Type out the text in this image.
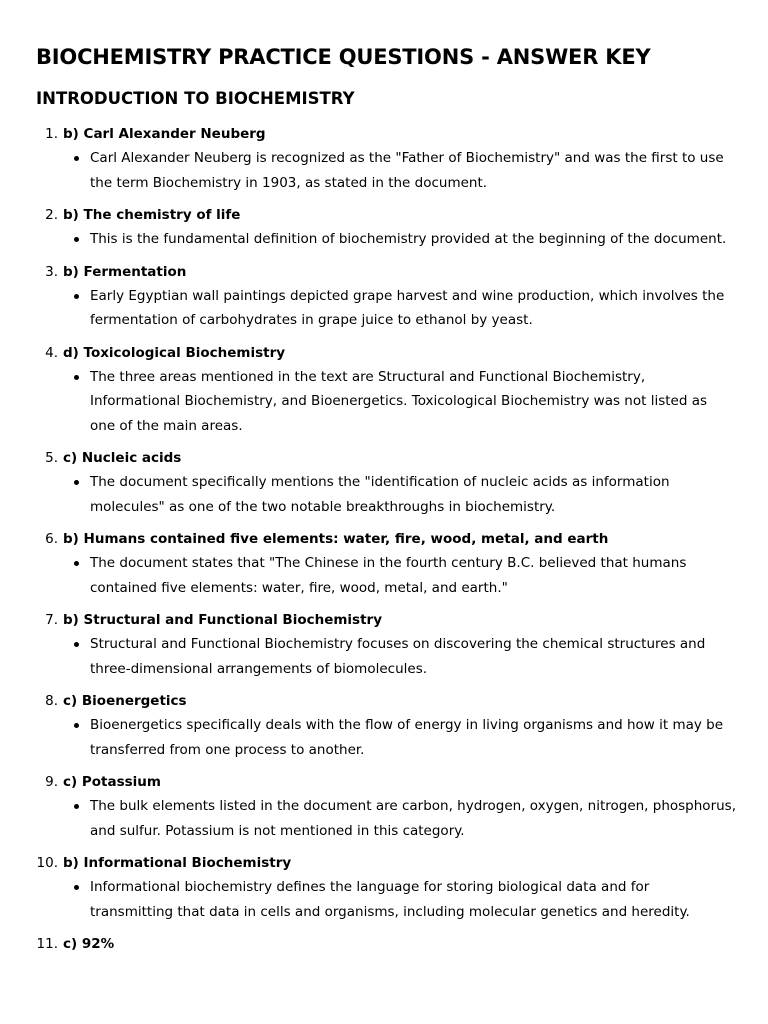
BIOCHEMISTRY PRACTICE QUESTIONS - ANSWER KEY
INTRODUCTION TO BIOCHEMISTRY
1. b) Carl Alexander Neuberg
Carl Alexander Neuberg is recognized as the "Father of Biochemistry" and was the first to use the term Biochemistry in 1903, as stated in the document.
2. b) The chemistry of life
This is the fundamental definition of biochemistry provided at the beginning of the document.
3. b) Fermentation
Early Egyptian wall paintings depicted grape harvest and wine production, which involves the fermentation of carbohydrates in grape juice to ethanol by yeast.
4. d) Toxicological Biochemistry
The three areas mentioned in the text are Structural and Functional Biochemistry, Informational Biochemistry, and Bioenergetics. Toxicological Biochemistry was not listed as one of the main areas.
5. c) Nucleic acids
The document specifically mentions the "identification of nucleic acids as information molecules" as one of the two notable breakthroughs in biochemistry.
6. b) Humans contained five elements: water, fire, wood, metal, and earth
The document states that "The Chinese in the fourth century B.C. believed that humans contained five elements: water, fire, wood, metal, and earth."
7. b) Structural and Functional Biochemistry
Structural and Functional Biochemistry focuses on discovering the chemical structures and three-dimensional arrangements of biomolecules.
8. c) Bioenergetics
Bioenergetics specifically deals with the flow of energy in living organisms and how it may be transferred from one process to another.
9. c) Potassium
The bulk elements listed in the document are carbon, hydrogen, oxygen, nitrogen, phosphorus, and sulfur. Potassium is not mentioned in this category.
10. b) Informational Biochemistry
Informational biochemistry defines the language for storing biological data and for transmitting that data in cells and organisms, including molecular genetics and heredity.
11. c) 92%
